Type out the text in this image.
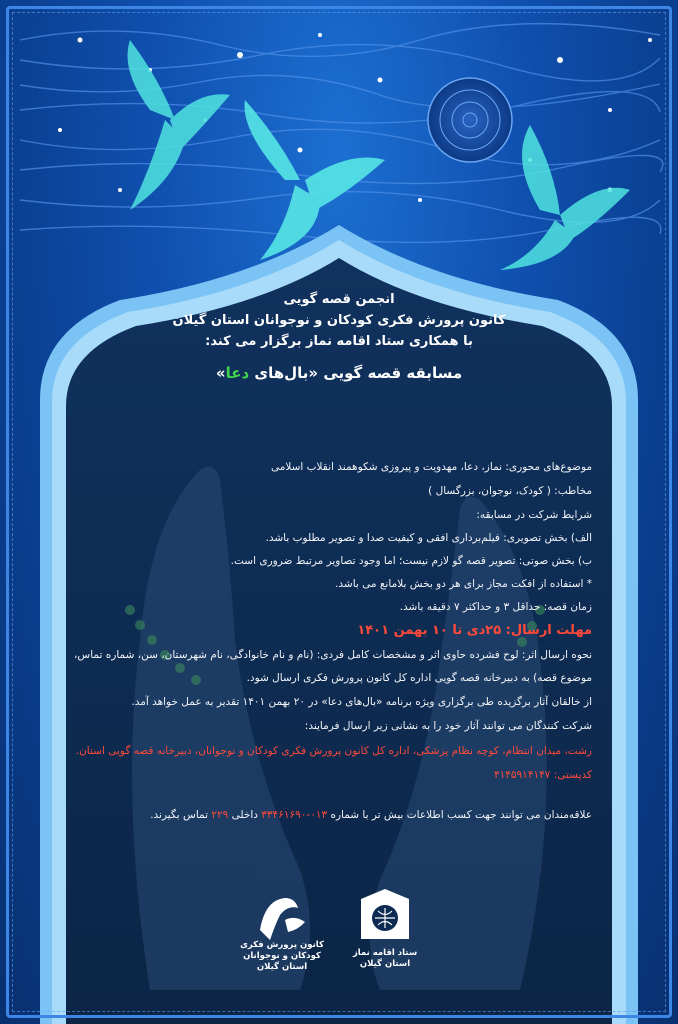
انجمن قصه گویی
کانون پرورش فکری کودکان و نوجوانان استان گیلان
با همکاری ستاد اقامه نماز برگزار می کند:
مسابقه قصه گویی «بال‌های دعا»
موضوع‌های محوری: نماز، دعا، مهدویت و پیروزی شکوهمند انقلاب اسلامی
مخاطب: ( کودک، نوجوان، بزرگسال )
شرایط شرکت در مسابقه:
الف) بخش تصویری: فیلم‌برداری افقی و کیفیت صدا و تصویر مطلوب باشد.
ب) بخش صوتی: تصویر قصه گو لازم نیست؛ اما وجود تصاویر مرتبط ضروری است.
* استفاده از افکت مجاز برای هر دو بخش بلامانع می باشد.
زمان قصه: حداقل ۳ و حداکثر ۷ دقیقه باشد.
مهلت ارسال: ۲۵دی تا ۱۰ بهمن ۱۴۰۱
نحوه ارسال اثر: لوح فشرده حاوی اثر و مشخصات کامل فردی: (نام و نام خانوادگی، نام شهرستان، سن، شماره تماس،
موضوع قصه) به دبیرخانه قصه گویی اداره کل کانون پرورش فکری ارسال شود.
از خالقان آثار برگزیده طی برگزاری ویژه برنامه «بال‌های دعا» در ۲۰ بهمن ۱۴۰۱ تقدیر به عمل خواهد آمد.
شرکت کنندگان می توانند آثار خود را به نشانی زیر ارسال فرمایند:
رشت، میدان انتظام، کوچه نظام پزشکی، اداره کل کانون پرورش فکری کودکان و نوجوانان، دبیرخانه قصه گویی استان.
کدپستی: ۴۱۴۵۹۱۴۱۴۷
علاقه‌مندان می توانند جهت کسب اطلاعات بیش تر با شماره ۰۱۳-۳۳۴۶۱۶۹۰ داخلی ۲۲۹ تماس بگیرند.
کانون پرورش فکری
کودکان و نوجوانان
استان گیلان
ستاد اقامه نماز
استان گیلان
